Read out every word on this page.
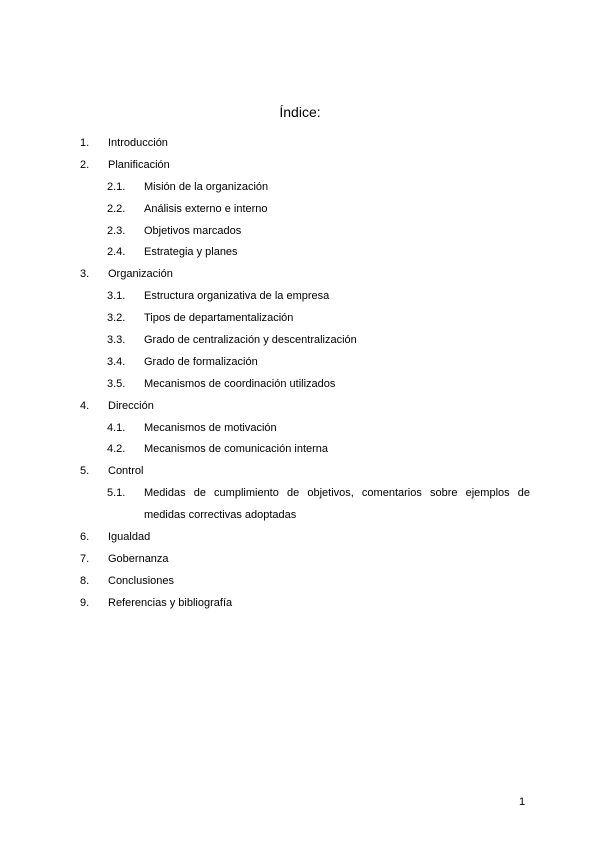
Índice:
1. Introducción
2. Planificación
2.1. Misión de la organización
2.2. Análisis externo e interno
2.3. Objetivos marcados
2.4. Estrategia y planes
3. Organización
3.1. Estructura organizativa de la empresa
3.2. Tipos de departamentalización
3.3. Grado de centralización y descentralización
3.4. Grado de formalización
3.5. Mecanismos de coordinación utilizados
4. Dirección
4.1. Mecanismos de motivación
4.2. Mecanismos de comunicación interna
5. Control
5.1. Medidas de cumplimiento de objetivos, comentarios sobre ejemplos de medidas correctivas adoptadas
6. Igualdad
7. Gobernanza
8. Conclusiones
9. Referencias y bibliografía
1
